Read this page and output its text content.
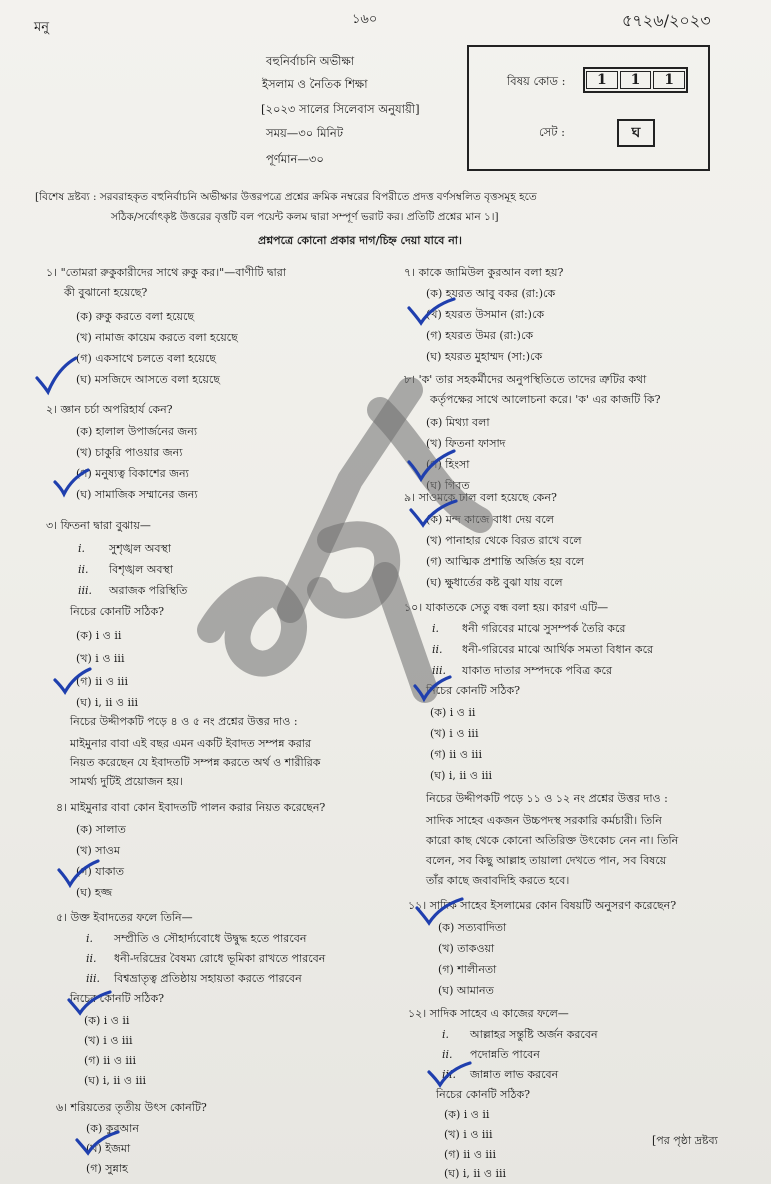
মনু
১৬০	৫৭২৬/২০২৩
বহুনির্বাচনি অভীক্ষা
ইসলাম ও নৈতিক শিক্ষা
[২০২৩ সালের সিলেবাস অনুযায়ী]
সময়—৩০ মিনিট
পূর্ণমান—৩০
বিষয় কোড :	1	1	1
সেট :	ঘ
[বিশেষ দ্রষ্টব্য : সরবরাহকৃত বহুনির্বাচনি অভীক্ষার উত্তরপত্রে প্রশ্নের ক্রমিক নম্বরের বিপরীতে প্রদত্ত বর্ণসম্বলিত বৃত্তসমূহ হতে
সঠিক/সর্বোৎকৃষ্ট উত্তরের বৃত্তটি বল পয়েন্ট কলম দ্বারা সম্পূর্ণ ভরাট কর। প্রতিটি প্রশ্নের মান ১।]
প্রশ্নপত্রে কোনো প্রকার দাগ/চিহ্ন দেয়া যাবে না।
১। "তোমরা রুকুকারীদের সাথে রুকু কর।"—বাণীটি দ্বারা
কী বুঝানো হয়েছে?
(ক) রুকু করতে বলা হয়েছে
(খ) নামাজ কায়েম করতে বলা হয়েছে
(গ) একসাথে চলতে বলা হয়েছে
(ঘ) মসজিদে আসতে বলা হয়েছে
২। জ্ঞান চর্চা অপরিহার্য কেন?
(ক) হালাল উপার্জনের জন্য
(খ) চাকুরি পাওয়ার জন্য
(গ) মনুষ্যত্ব বিকাশের জন্য
(ঘ) সামাজিক সম্মানের জন্য
৩। ফিতনা দ্বারা বুঝায়—
i. সুশৃঙ্খল অবস্থা
ii. বিশৃঙ্খল অবস্থা
iii. অরাজক পরিস্থিতি
নিচের কোনটি সঠিক?
(ক) i ও ii
(খ) i ও iii
(গ) ii ও iii
(ঘ) i, ii ও iii
নিচের উদ্দীপকটি পড়ে ৪ ও ৫ নং প্রশ্নের উত্তর দাও :
মাইমুনার বাবা এই বছর এমন একটি ইবাদত সম্পন্ন করার
নিয়ত করেছেন যে ইবাদতটি সম্পন্ন করতে অর্থ ও শারীরিক
সামর্থ্য দুটিই প্রয়োজন হয়।
৪। মাইমুনার বাবা কোন ইবাদতটি পালন করার নিয়ত করেছেন?
(ক) সালাত
(খ) সাওম
(গ) যাকাত
(ঘ) হজ্জ
৫। উক্ত ইবাদতের ফলে তিনি—
i. সম্প্রীতি ও সৌহার্দ্যবোধে উদ্বুদ্ধ হতে পারবেন
ii. ধনী-দরিদ্রের বৈষম্য রোধে ভূমিকা রাখতে পারবেন
iii. বিশ্বভ্রাতৃত্ব প্রতিষ্ঠায় সহায়তা করতে পারবেন
নিচের কোনটি সঠিক?
(ক) i ও ii
(খ) i ও iii
(গ) ii ও iii
(ঘ) i, ii ও iii
৬। শরিয়তের তৃতীয় উৎস কোনটি?
(ক) কুরআন
(খ) ইজমা
(গ) সুন্নাহ
৭। কাকে জামিউল কুরআন বলা হয়?
(ক) হযরত আবু বকর (রা:)কে
(খ) হযরত উসমান (রা:)কে
(গ) হযরত উমর (রা:)কে
(ঘ) হযরত মুহাম্মদ (সা:)কে
৮। 'ক' তার সহকর্মীদের অনুপস্থিতিতে তাদের ত্রুটির কথা
কর্তৃপক্ষের সাথে আলোচনা করে। 'ক' এর কাজটি কি?
(ক) মিথ্যা বলা
(খ) ফিতনা ফাসাদ
(গ) হিংসা
(ঘ) গিবত
৯। সাওমকে ঢাল বলা হয়েছে কেন?
(ক) মন্দ কাজে বাধা দেয় বলে
(খ) পানাহার থেকে বিরত রাখে বলে
(গ) আত্মিক প্রশান্তি অর্জিত হয় বলে
(ঘ) ক্ষুধার্তের কষ্ট বুঝা যায় বলে
১০। যাকাতকে সেতু বন্ধ বলা হয়। কারণ এটি—
i. ধনী গরিবের মাঝে সুসম্পর্ক তৈরি করে
ii. ধনী-গরিবের মাঝে আর্থিক সমতা বিধান করে
iii. যাকাত দাতার সম্পদকে পবিত্র করে
নিচের কোনটি সঠিক?
(ক) i ও ii
(খ) i ও iii
(গ) ii ও iii
(ঘ) i, ii ও iii
নিচের উদ্দীপকটি পড়ে ১১ ও ১২ নং প্রশ্নের উত্তর দাও :
সাদিক সাহেব একজন উচ্চপদস্থ সরকারি কর্মচারী। তিনি
কারো কাছ থেকে কোনো অতিরিক্ত উৎকোচ নেন না। তিনি
বলেন, সব কিছু আল্লাহ তায়ালা দেখতে পান, সব বিষয়ে
তাঁর কাছে জবাবদিহি করতে হবে।
১১। সাদিক সাহেব ইসলামের কোন বিষয়টি অনুসরণ করেছেন?
(ক) সত্যবাদিতা
(খ) তাকওয়া
(গ) শালীনতা
(ঘ) আমানত
১২। সাদিক সাহেব এ কাজের ফলে—
i. আল্লাহর সন্তুষ্টি অর্জন করবেন
ii. পদোন্নতি পাবেন
iii. জান্নাত লাভ করবেন
নিচের কোনটি সঠিক?
(ক) i ও ii
(খ) i ও iii
(গ) ii ও iii
(ঘ) i, ii ও iii
[পর পৃষ্ঠা দ্রষ্টব্য
